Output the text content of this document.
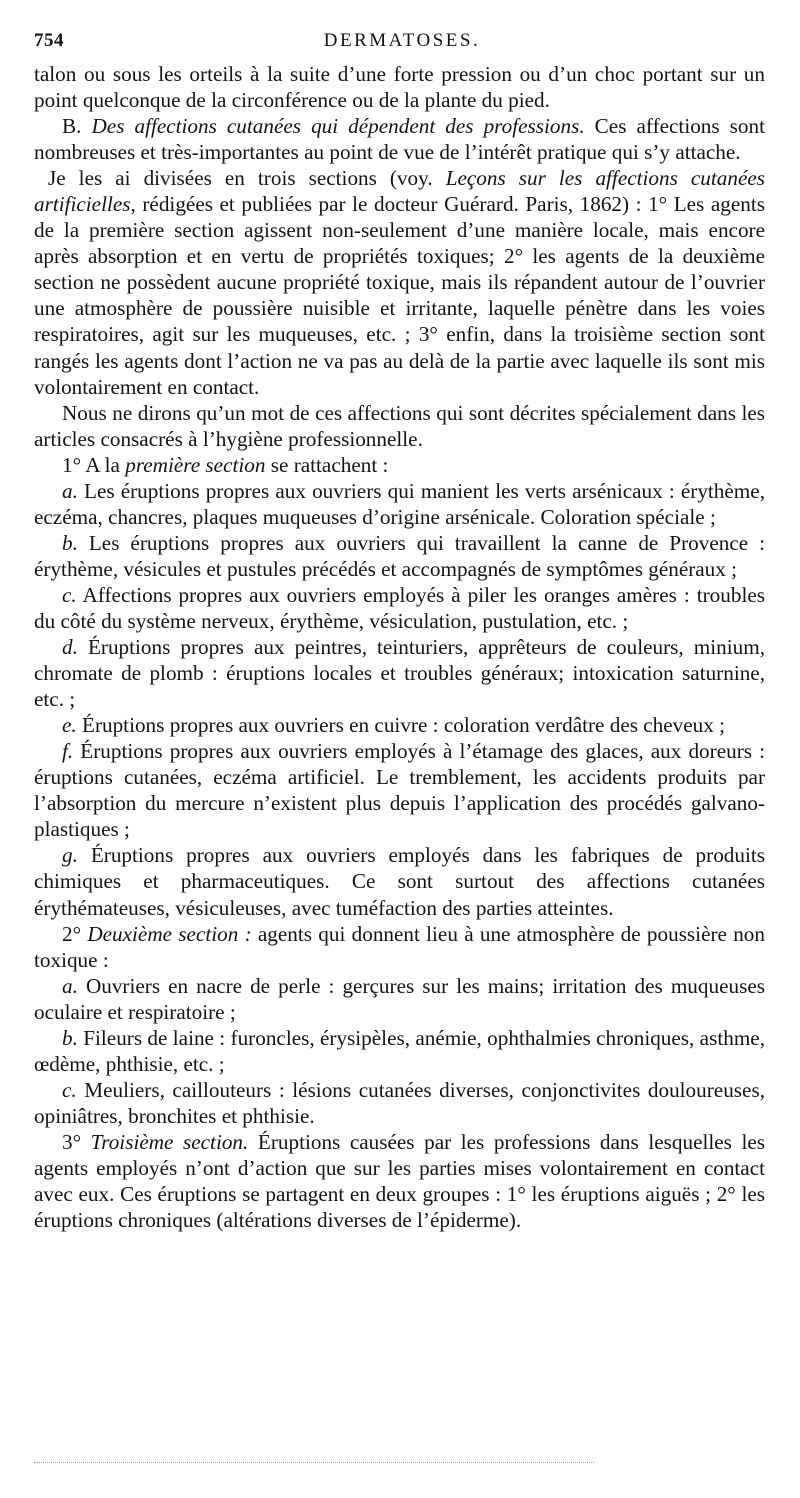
754	DERMATOSES.

talon ou sous les orteils à la suite d’une forte pression ou d’un choc portant sur un point quelconque de la circonférence ou de la plante du pied.

B. Des affections cutanées qui dépendent des professions. Ces affections sont nombreuses et très-importantes au point de vue de l’intérêt pratique qui s’y attache.

Je les ai divisées en trois sections (voy. Leçons sur les affections cutanées artificielles, rédigées et publiées par le docteur Guérard. Paris, 1862) : 1° Les agents de la première section agissent non-seulement d’une manière locale, mais encore après absorption et en vertu de propriétés toxiques; 2° les agents de la deuxième section ne possèdent aucune propriété toxique, mais ils répandent autour de l’ouvrier une atmosphère de poussière nuisible et irritante, laquelle pénètre dans les voies respiratoires, agit sur les muqueuses, etc. ; 3° enfin, dans la troisième section sont rangés les agents dont l’action ne va pas au delà de la partie avec laquelle ils sont mis volontairement en contact.

Nous ne dirons qu’un mot de ces affections qui sont décrites spécialement dans les articles consacrés à l’hygiène professionnelle.

1° A la première section se rattachent :

a. Les éruptions propres aux ouvriers qui manient les verts arsénicaux : érythème, eczéma, chancres, plaques muqueuses d’origine arsénicale. Coloration spéciale ;

b. Les éruptions propres aux ouvriers qui travaillent la canne de Provence : érythème, vésicules et pustules précédés et accompagnés de symptômes généraux ;

c. Affections propres aux ouvriers employés à piler les oranges amères : troubles du côté du système nerveux, érythème, vésiculation, pustulation, etc. ;

d. Éruptions propres aux peintres, teinturiers, apprêteurs de couleurs, minium, chromate de plomb : éruptions locales et troubles généraux; intoxication saturnine, etc. ;

e. Éruptions propres aux ouvriers en cuivre : coloration verdâtre des cheveux ;

f. Éruptions propres aux ouvriers employés à l’étamage des glaces, aux doreurs : éruptions cutanées, eczéma artificiel. Le tremblement, les accidents produits par l’absorption du mercure n’existent plus depuis l’application des procédés galvano-plastiques ;

g. Éruptions propres aux ouvriers employés dans les fabriques de produits chimiques et pharmaceutiques. Ce sont surtout des affections cutanées érythémateuses, vésiculeuses, avec tuméfaction des parties atteintes.

2° Deuxième section : agents qui donnent lieu à une atmosphère de poussière non toxique :

a. Ouvriers en nacre de perle : gerçures sur les mains; irritation des muqueuses oculaire et respiratoire ;

b. Fileurs de laine : furoncles, érysipèles, anémie, ophthalmies chroniques, asthme, œdème, phthisie, etc. ;

c. Meuliers, caillouteurs : lésions cutanées diverses, conjonctivites douloureuses, opiniâtres, bronchites et phthisie.

3° Troisième section. Éruptions causées par les professions dans lesquelles les agents employés n’ont d’action que sur les parties mises volontairement en contact avec eux. Ces éruptions se partagent en deux groupes : 1° les éruptions aiguës ; 2° les éruptions chroniques (altérations diverses de l’épiderme).
